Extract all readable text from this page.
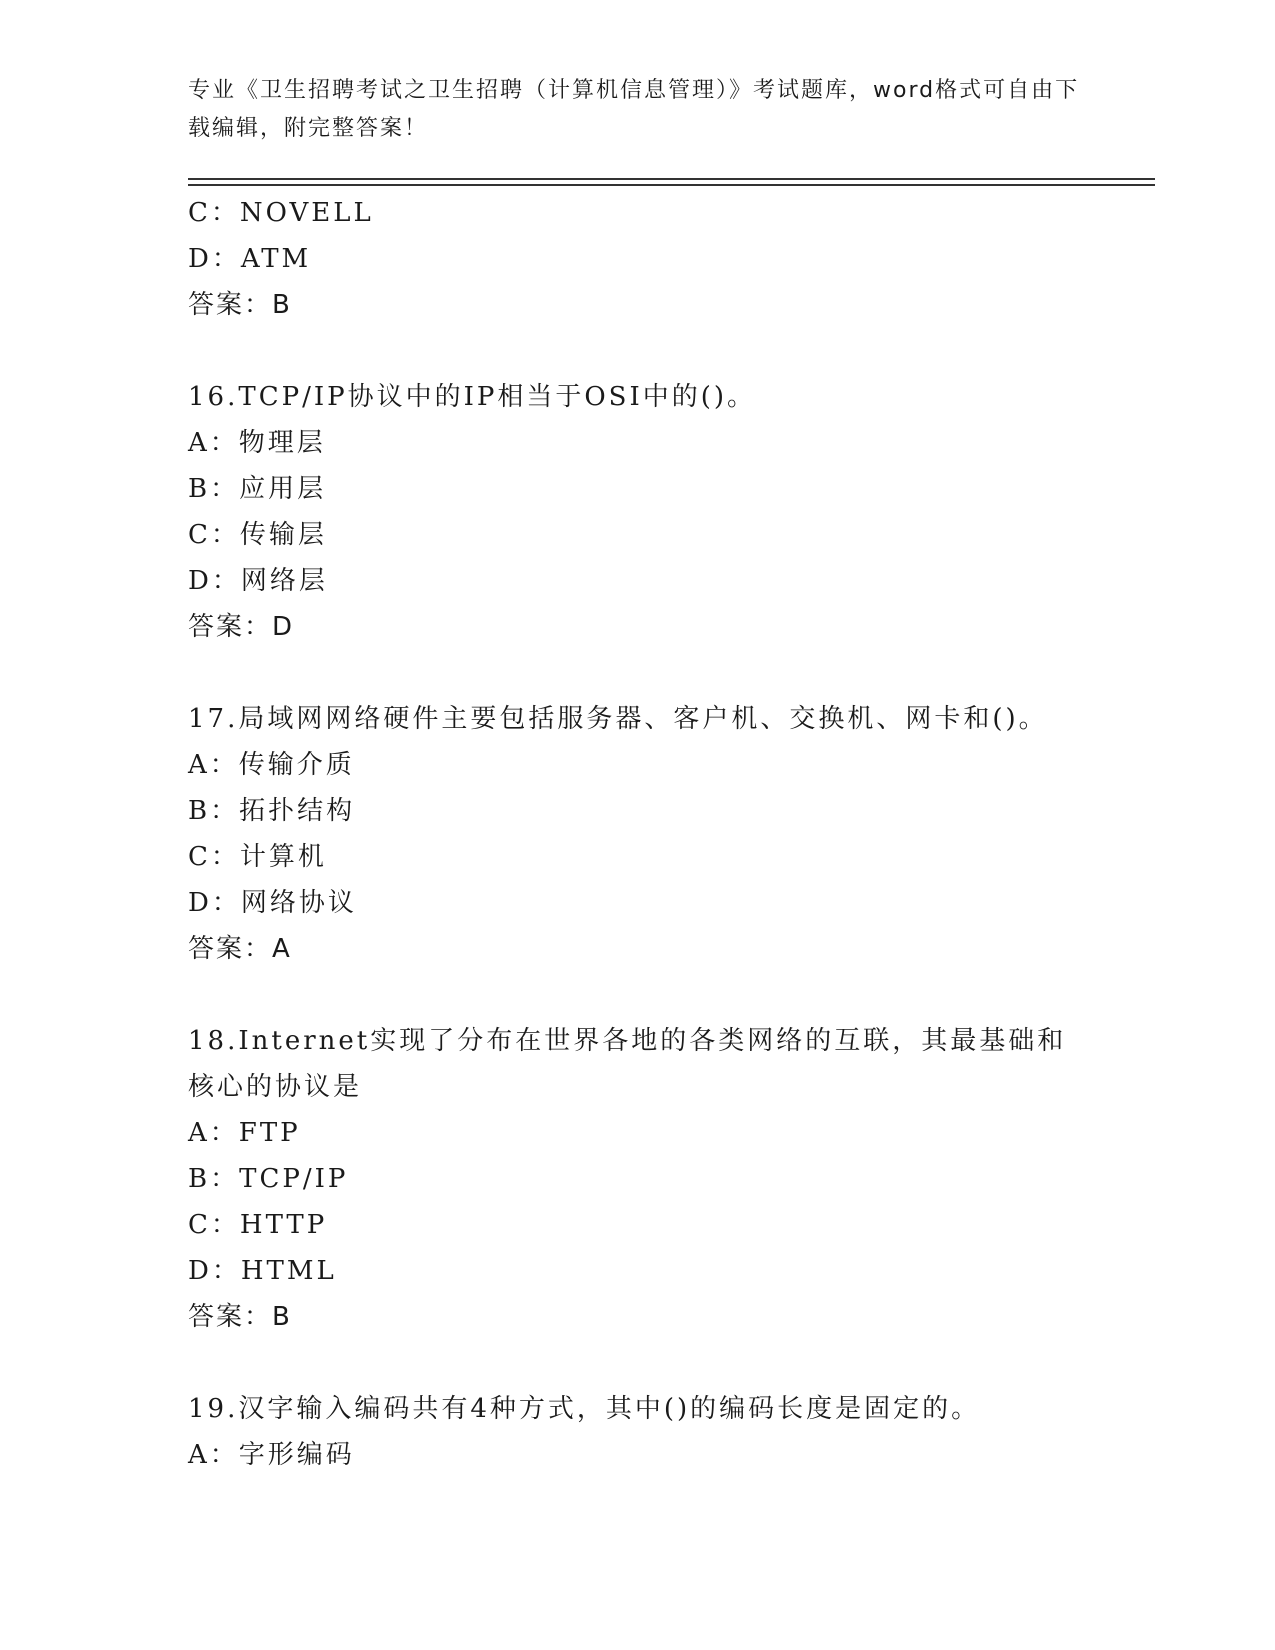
专业《卫生招聘考试之卫生招聘（计算机信息管理）》考试题库，word格式可自由下载编辑，附完整答案！
C：NOVELL
D：ATM
答案：B
16.TCP/IP协议中的IP相当于OSI中的()。
A：物理层
B：应用层
C：传输层
D：网络层
答案：D
17.局域网网络硬件主要包括服务器、客户机、交换机、网卡和()。
A：传输介质
B：拓扑结构
C：计算机
D：网络协议
答案：A
18.Internet实现了分布在世界各地的各类网络的互联，其最基础和核心的协议是
A：FTP
B：TCP/IP
C：HTTP
D：HTML
答案：B
19.汉字输入编码共有4种方式，其中()的编码长度是固定的。
A：字形编码
